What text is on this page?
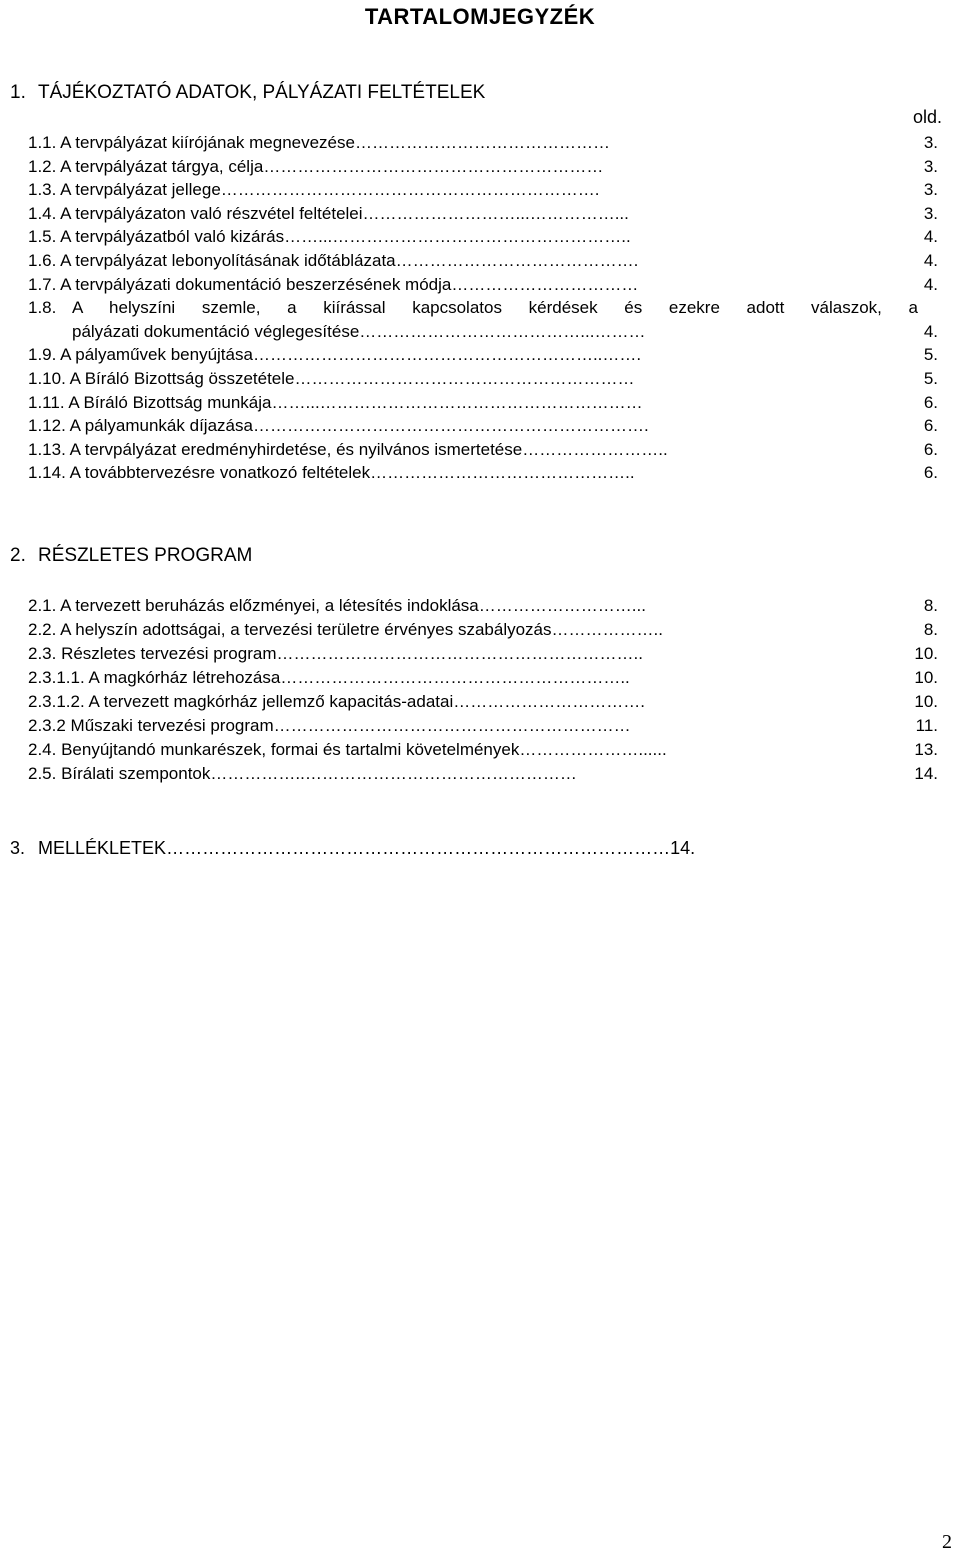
TARTALOMJEGYZÉK
1. TÁJÉKOZTATÓ ADATOK, PÁLYÁZATI FELTÉTELEK
old.
1.1. A tervpályázat kiírójának megnevezése………………………………………	3.
1.2. A tervpályázat tárgya, célja……………………………………………………	3.
1.3. A tervpályázat jellege………………………………………………………….	3.
1.4. A tervpályázaton való részvétel feltételei………………………...……………...	3.
1.5. A tervpályázatból való kizárás……...……………………………………………..	4.
1.6. A tervpályázat lebonyolításának időtáblázata…………………………………….	4.
1.7. A tervpályázati dokumentáció beszerzésének módja……………………………	4.
1.8. A helyszíni szemle, a kiírással kapcsolatos kérdések és ezekre adott válaszok, a
pályázati dokumentáció véglegesítése…………………………………...………	4.
1.9. A pályaművek benyújtása……………………………………………………..…….	5.
1.10. A Bíráló Bizottság összetétele……………………………………………………	5.
1.11. A Bíráló Bizottság munkája……...…………………………………………………	6.
1.12. A pályamunkák díjazása…………………………………………………………….	6.
1.13. A tervpályázat eredményhirdetése, és nyilvános ismertetése……………………..	6.
1.14. A továbbtervezésre vonatkozó feltételek………………………………………..	6.
2. RÉSZLETES PROGRAM
2.1. A tervezett beruházás előzményei, a létesítés indoklása………………………...	8.
2.2. A helyszín adottságai, a tervezési területre érvényes szabályozás………………..	8.
2.3. Részletes tervezési program………………………………………………………..	10.
2.3.1.1. A magkórház létrehozása……………………………………………………..	10.
2.3.1.2. A tervezett magkórház jellemző kapacitás-adatai…………………………….	10.
2.3.2 Műszaki tervezési program………………………………………………………	11.
2.4. Benyújtandó munkarészek, formai és tartalmi követelmények…………………......	13.
2.5. Bírálati szempontok……………..…………………………………………	14.
3. MELLÉKLETEK…………………………………………………………………………14.
2
